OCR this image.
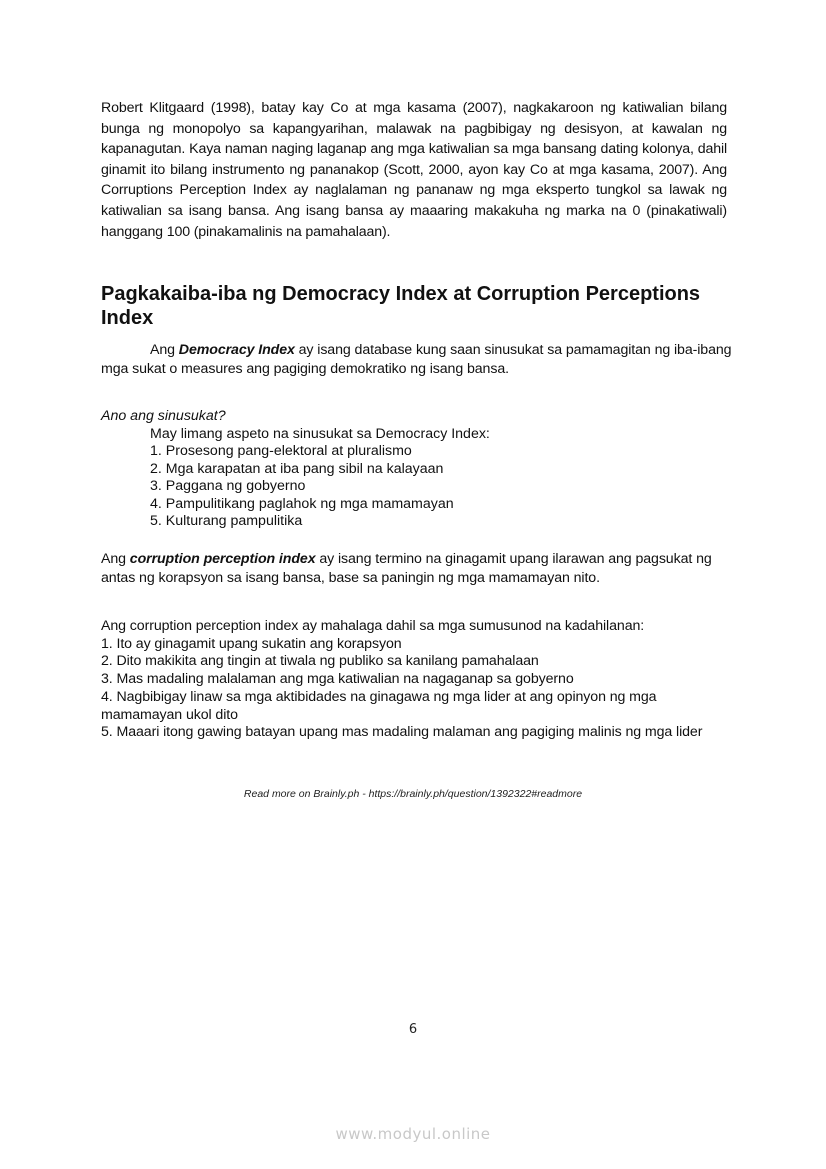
Robert Klitgaard (1998), batay kay Co at mga kasama (2007), nagkakaroon ng katiwalian bilang bunga ng monopolyo sa kapangyarihan, malawak na pagbibigay ng desisyon, at kawalan ng kapanagutan. Kaya naman naging laganap ang mga katiwalian sa mga bansang dating kolonya, dahil ginamit ito bilang instrumento ng pananakop (Scott, 2000, ayon kay Co at mga kasama, 2007). Ang Corruptions Perception Index ay naglalaman ng pananaw ng mga eksperto tungkol sa lawak ng katiwalian sa isang bansa. Ang isang bansa ay maaaring makakuha ng marka na 0 (pinakatiwali) hanggang 100 (pinakamalinis na pamahalaan).

Pagkakaiba-iba ng Democracy Index at Corruption Perceptions Index

Ang Democracy Index ay isang database kung saan sinusukat sa pamamagitan ng iba-ibang mga sukat o measures ang pagiging demokratiko ng isang bansa.

Ano ang sinusukat?

May limang aspeto na sinusukat sa Democracy Index:
1. Prosesong pang-elektoral at pluralismo
2. Mga karapatan at iba pang sibil na kalayaan
3. Paggana ng gobyerno
4. Pampulitikang paglahok ng mga mamamayan
5. Kulturang pampulitika

Ang corruption perception index ay isang termino na ginagamit upang ilarawan ang pagsukat ng antas ng korapsyon sa isang bansa, base sa paningin ng mga mamamayan nito.

Ang corruption perception index ay mahalaga dahil sa mga sumusunod na kadahilanan:

1. Ito ay ginagamit upang sukatin ang korapsyon
2. Dito makikita ang tingin at tiwala ng publiko sa kanilang pamahalaan
3. Mas madaling malalaman ang mga katiwalian na nagaganap sa gobyerno
4. Nagbibigay linaw sa mga aktibidades na ginagawa ng mga lider at ang opinyon ng mga mamamayan ukol dito
5. Maaari itong gawing batayan upang mas madaling malaman ang pagiging malinis ng mga lider
Read more on Brainly.ph - https://brainly.ph/question/1392322#readmore
6
www.modyul.online
